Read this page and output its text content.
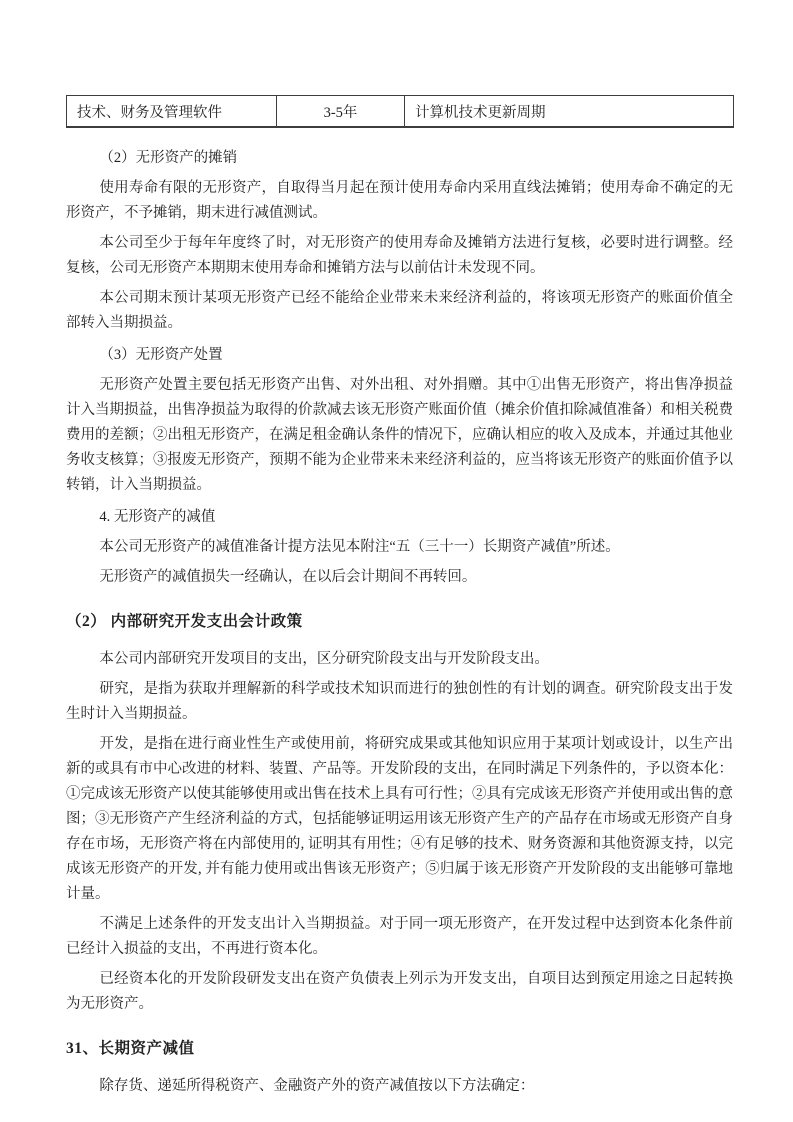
技术、财务及管理软件	3-5年	计算机技术更新周期

（2）无形资产的摊销

使用寿命有限的无形资产，自取得当月起在预计使用寿命内采用直线法摊销；使用寿命不确定的无形资产，不予摊销，期末进行减值测试。

本公司至少于每年年度终了时，对无形资产的使用寿命及摊销方法进行复核，必要时进行调整。经复核，公司无形资产本期期末使用寿命和摊销方法与以前估计未发现不同。

本公司期末预计某项无形资产已经不能给企业带来未来经济利益的，将该项无形资产的账面价值全部转入当期损益。

（3）无形资产处置

无形资产处置主要包括无形资产出售、对外出租、对外捐赠。其中①出售无形资产，将出售净损益计入当期损益，出售净损益为取得的价款减去该无形资产账面价值（摊余价值扣除减值准备）和相关税费费用的差额；②出租无形资产，在满足租金确认条件的情况下，应确认相应的收入及成本，并通过其他业务收支核算；③报废无形资产，预期不能为企业带来未来经济利益的，应当将该无形资产的账面价值予以转销，计入当期损益。

4. 无形资产的减值

本公司无形资产的减值准备计提方法见本附注“五（三十一）长期资产减值”所述。

无形资产的减值损失一经确认，在以后会计期间不再转回。

（2） 内部研究开发支出会计政策

本公司内部研究开发项目的支出，区分研究阶段支出与开发阶段支出。

研究，是指为获取并理解新的科学或技术知识而进行的独创性的有计划的调查。研究阶段支出于发生时计入当期损益。

开发，是指在进行商业性生产或使用前，将研究成果或其他知识应用于某项计划或设计，以生产出新的或具有市中心改进的材料、装置、产品等。开发阶段的支出，在同时满足下列条件的，予以资本化：①完成该无形资产以使其能够使用或出售在技术上具有可行性；②具有完成该无形资产并使用或出售的意图；③无形资产产生经济利益的方式，包括能够证明运用该无形资产生产的产品存在市场或无形资产自身存在市场，无形资产将在内部使用的, 证明其有用性；④有足够的技术、财务资源和其他资源支持，以完成该无形资产的开发, 并有能力使用或出售该无形资产；⑤归属于该无形资产开发阶段的支出能够可靠地计量。

不满足上述条件的开发支出计入当期损益。对于同一项无形资产，在开发过程中达到资本化条件前已经计入损益的支出，不再进行资本化。

已经资本化的开发阶段研发支出在资产负债表上列示为开发支出，自项目达到预定用途之日起转换为无形资产。

31、长期资产减值

除存货、递延所得税资产、金融资产外的资产减值按以下方法确定：
